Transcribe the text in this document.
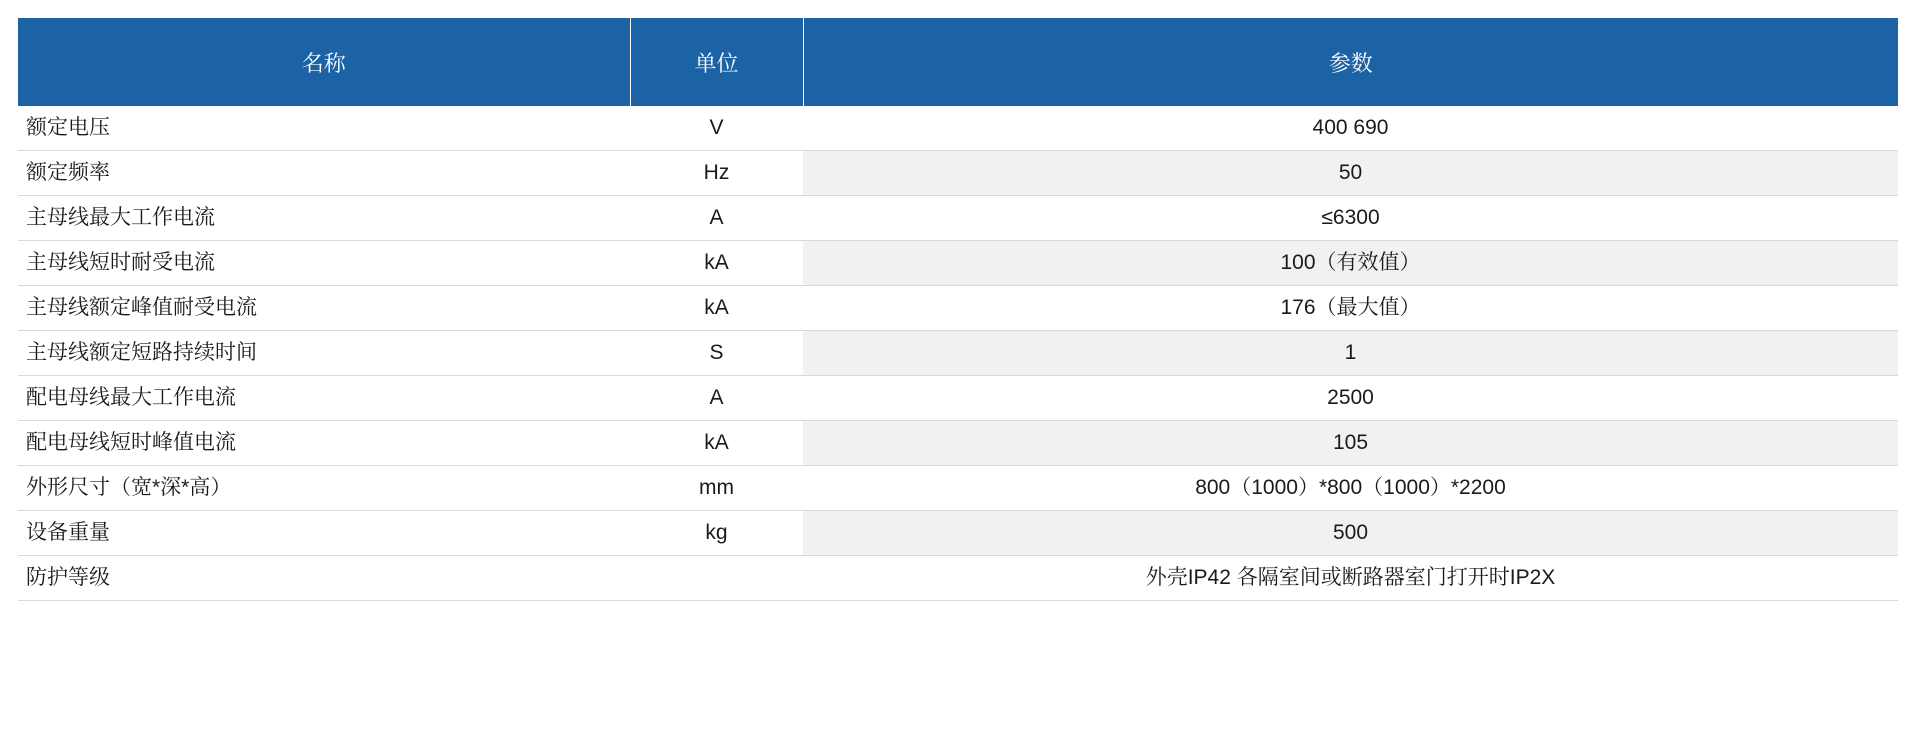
名称	单位	参数
额定电压	V	400 690
额定频率	Hz	50
主母线最大工作电流	A	≤6300
主母线短时耐受电流	kA	100（有效值）
主母线额定峰值耐受电流	kA	176（最大值）
主母线额定短路持续时间	S	1
配电母线最大工作电流	A	2500
配电母线短时峰值电流	kA	105
外形尺寸（宽*深*高）	mm	800（1000）*800（1000）*2200
设备重量	kg	500
防护等级		外壳IP42 各隔室间或断路器室门打开时IP2X
